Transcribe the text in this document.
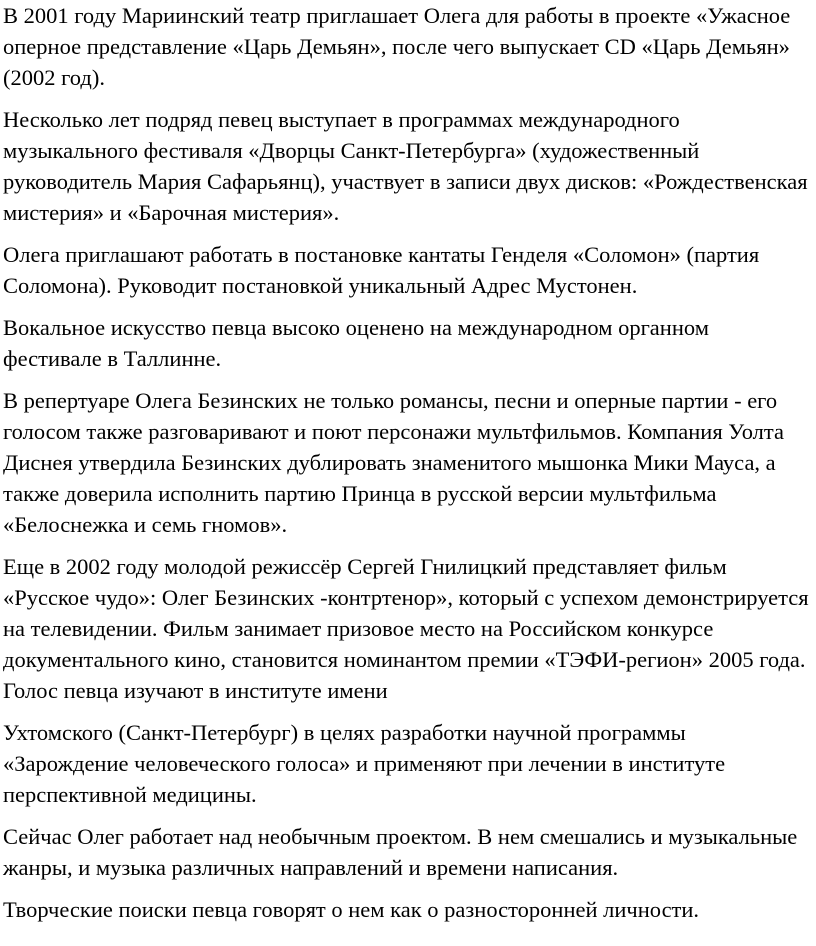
В 2001 году Мариинский театр приглашает Олега для работы в проекте «Ужасное оперное представление «Царь Демьян», после чего выпускает CD «Царь Демьян» (2002 год).

Несколько лет подряд певец выступает в программах международного музыкального фестиваля «Дворцы Санкт-Петербурга» (художественный руководитель Мария Сафарьянц), участвует в записи двух дисков: «Рождественская мистерия» и «Барочная мистерия».

Олега приглашают работать в постановке кантаты Генделя «Соломон» (партия Соломона). Руководит постановкой уникальный Адрес Мустонен.

Вокальное искусство певца высоко оценено на международном органном фестивале в Таллинне.

В репертуаре Олега Безинских не только романсы, песни и оперные партии - его голосом также разговаривают и поют персонажи мультфильмов. Компания Уолта Диснея утвердила Безинских дублировать знаменитого мышонка Мики Мауса, а также доверила исполнить партию Принца в русской версии мультфильма «Белоснежка и семь гномов».

Еще в 2002 году молодой режиссёр Сергей Гнилицкий представляет фильм «Русское чудо»: Олег Безинских -контртенор», который с успехом демонстрируется на телевидении. Фильм занимает призовое место на Российском конкурсе документального кино, становится номинантом премии «ТЭФИ-регион» 2005 года. Голос певца изучают в институте имени

Ухтомского (Санкт-Петербург) в целях разработки научной программы «Зарождение человеческого голоса» и применяют при лечении в институте перспективной медицины.

Сейчас Олег работает над необычным проектом. В нем смешались и музыкальные жанры, и музыка различных направлений и времени написания.

Творческие поиски певца говорят о нем как о разносторонней личности.
